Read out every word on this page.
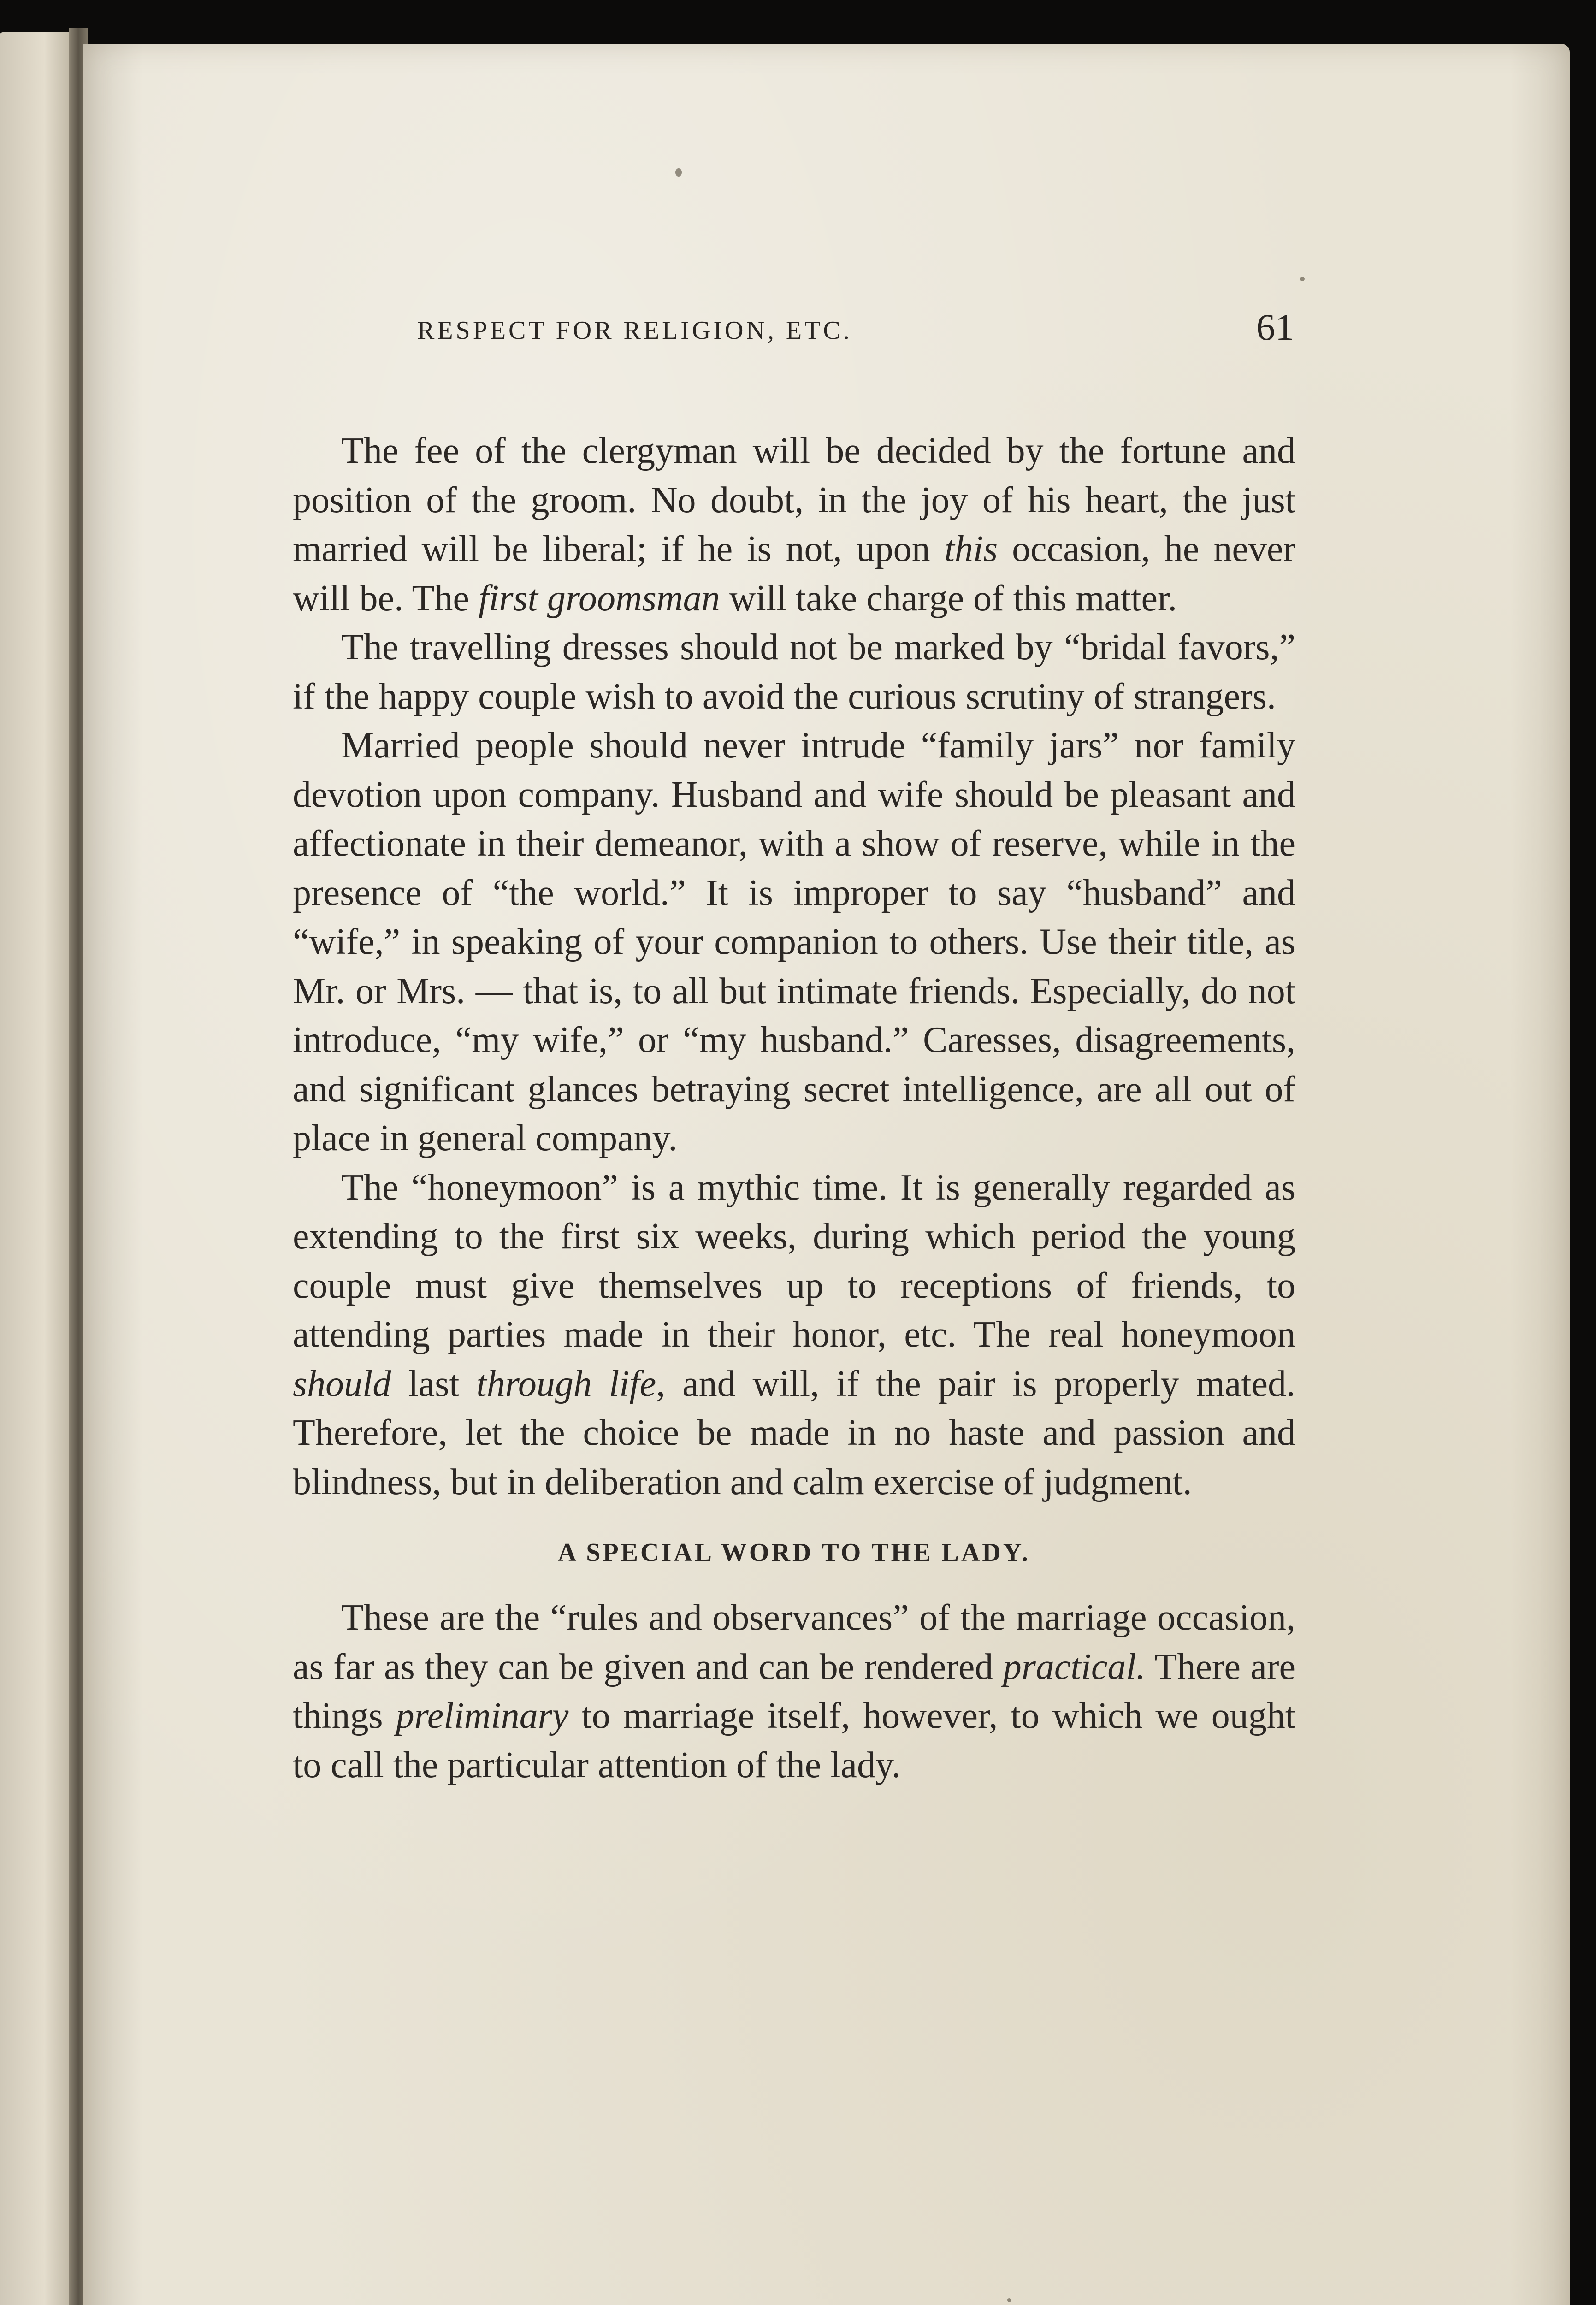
RESPECT FOR RELIGION, ETC.	61

The fee of the clergyman will be decided by the fortune and position of the groom. No doubt, in the joy of his heart, the just married will be liberal; if he is not, upon this occasion, he never will be. The first groomsman will take charge of this matter.

The travelling dresses should not be marked by “bridal favors,” if the happy couple wish to avoid the curious scrutiny of strangers.

Married people should never intrude “family jars” nor family devotion upon company. Husband and wife should be pleasant and affectionate in their demeanor, with a show of reserve, while in the presence of “the world.” It is improper to say “husband” and “wife,” in speaking of your companion to others. Use their title, as Mr. or Mrs. — that is, to all but intimate friends. Especially, do not introduce, “my wife,” or “my husband.” Caresses, disagreements, and significant glances betraying secret intelligence, are all out of place in general company.

The “honeymoon” is a mythic time. It is generally regarded as extending to the first six weeks, during which period the young couple must give themselves up to receptions of friends, to attending parties made in their honor, etc. The real honeymoon should last through life, and will, if the pair is properly mated. Therefore, let the choice be made in no haste and passion and blindness, but in deliberation and calm exercise of judgment.

A SPECIAL WORD TO THE LADY.

These are the “rules and observances” of the marriage occasion, as far as they can be given and can be rendered practical. There are things preliminary to marriage itself, however, to which we ought to call the particular attention of the lady.
